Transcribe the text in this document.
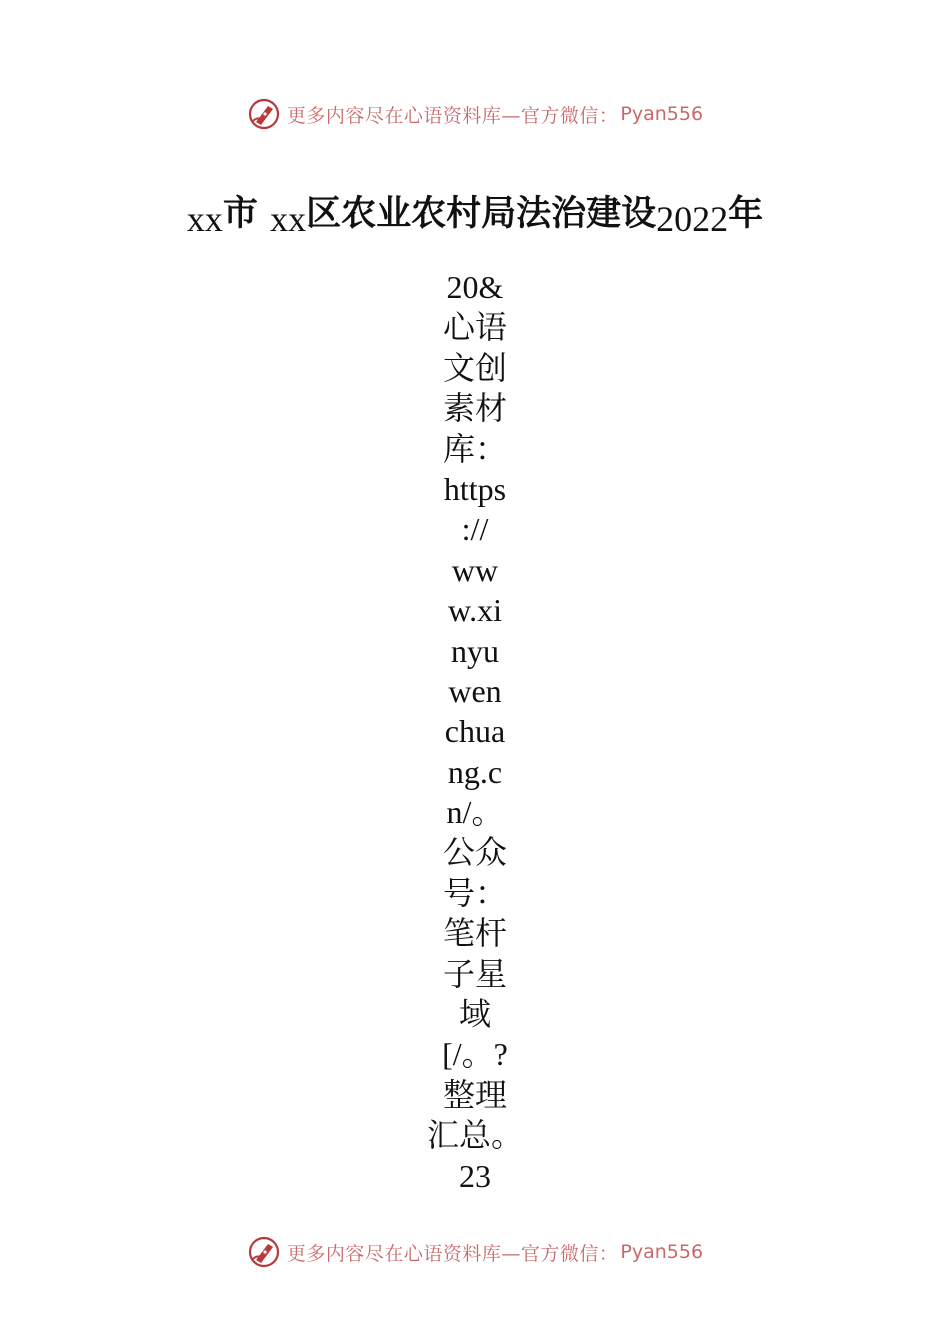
更多内容尽在心语资料库—官方微信： Pyan556
xx市 xx区农业农村局法治建设2022年
20&
心语
文创
素材
库：
https
://
ww
w.xi
nyu
wen
chua
ng.c
n/。
公众
号：
笔杆
子星
域
[/。?
整理
汇总。
23
更多内容尽在心语资料库—官方微信： Pyan556
